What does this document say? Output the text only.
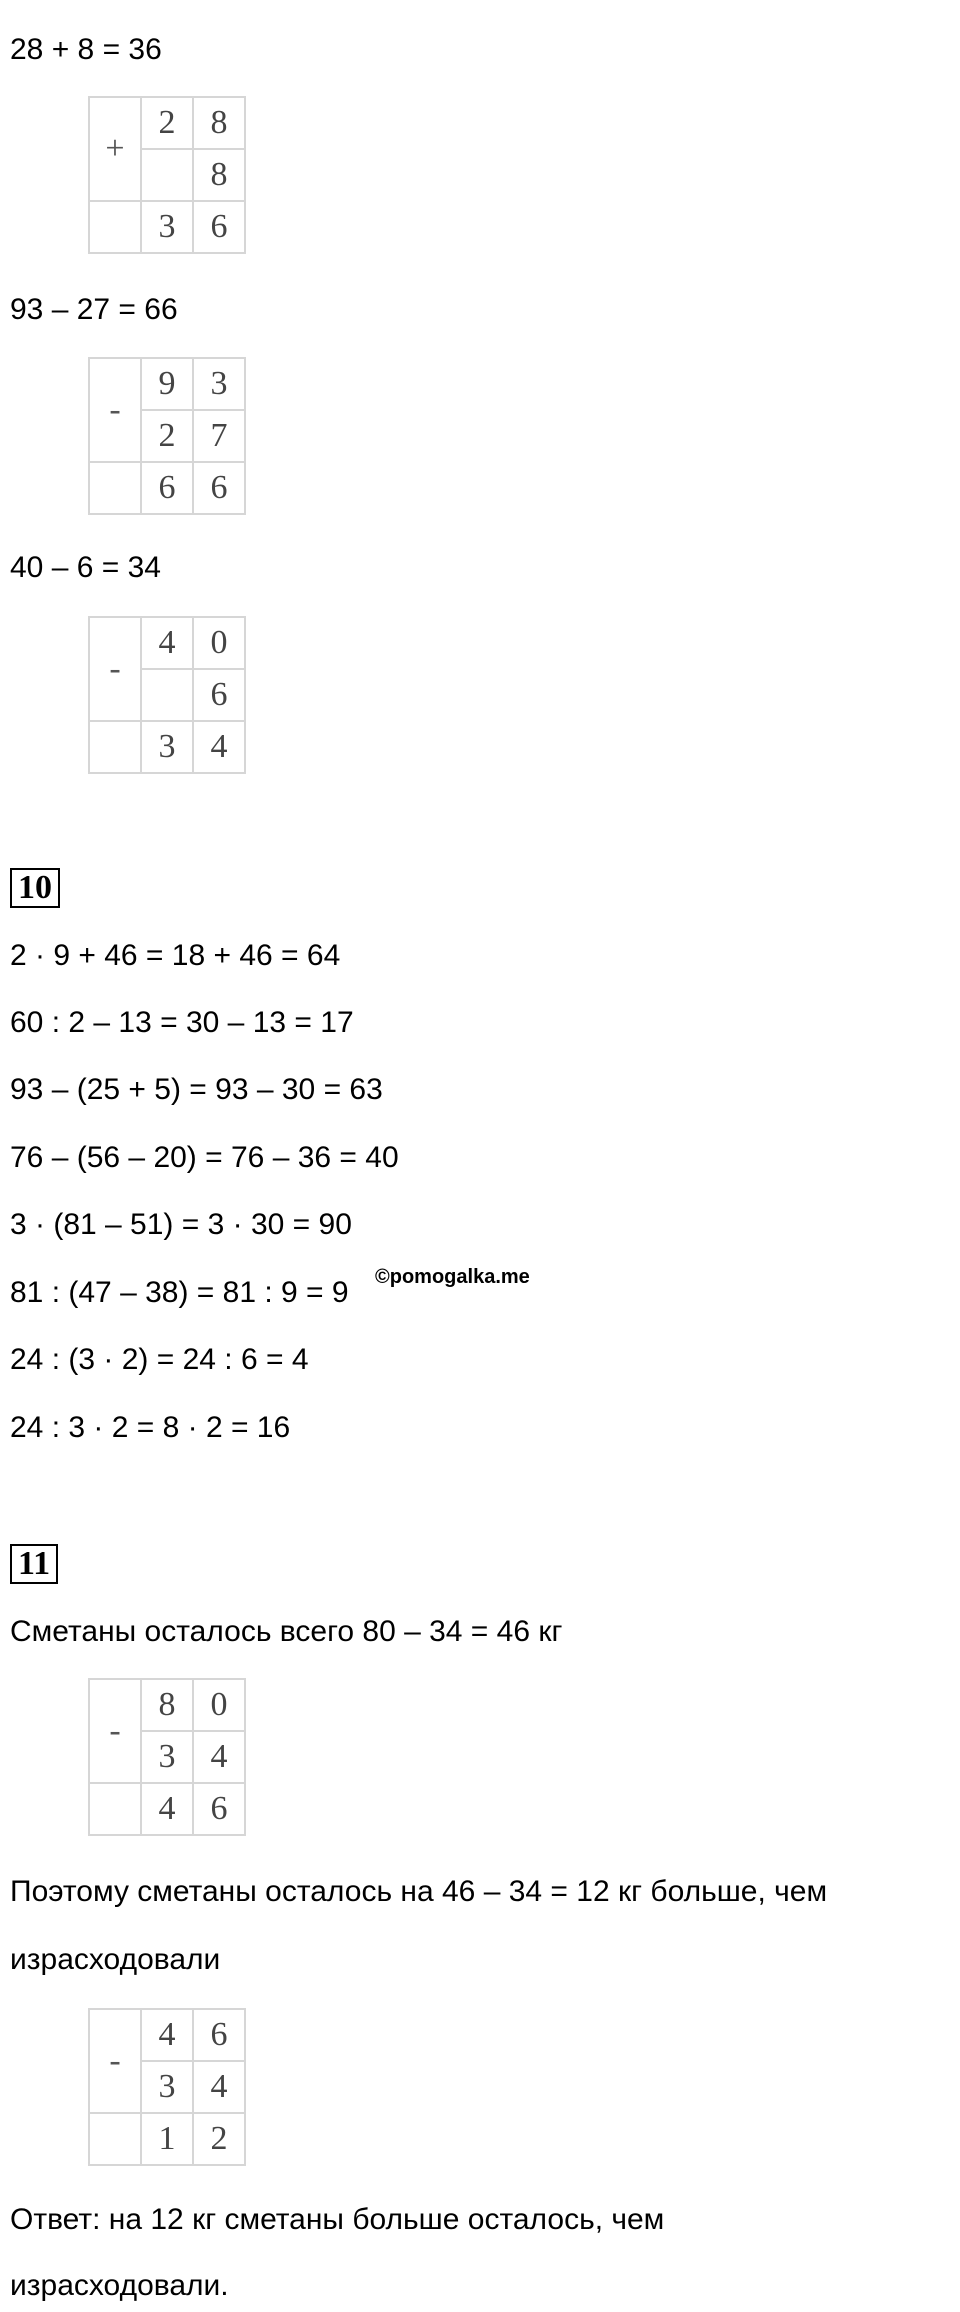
28 + 8 = 36
+	2	8
		8
	3	6
93 – 27 = 66
-	9	3
	2	7
	6	6
40 – 6 = 34
-	4	0
		6
	3	4
10
2 · 9 + 46 = 18 + 46 = 64
60 : 2 – 13 = 30 – 13 = 17
93 – (25 + 5) = 93 – 30 = 63
76 – (56 – 20) = 76 – 36 = 40
3 · (81 – 51) = 3 · 30 = 90
81 : (47 – 38) = 81 : 9 = 9 ©pomogalka.me
24 : (3 · 2) = 24 : 6 = 4
24 : 3 · 2 = 8 · 2 = 16
11
Сметаны осталось всего 80 – 34 = 46 кг
-	8	0
	3	4
	4	6
Поэтому сметаны осталось на 46 – 34 = 12 кг больше, чем
израсходовали
-	4	6
	3	4
	1	2
Ответ: на 12 кг сметаны больше осталось, чем
израсходовали.
